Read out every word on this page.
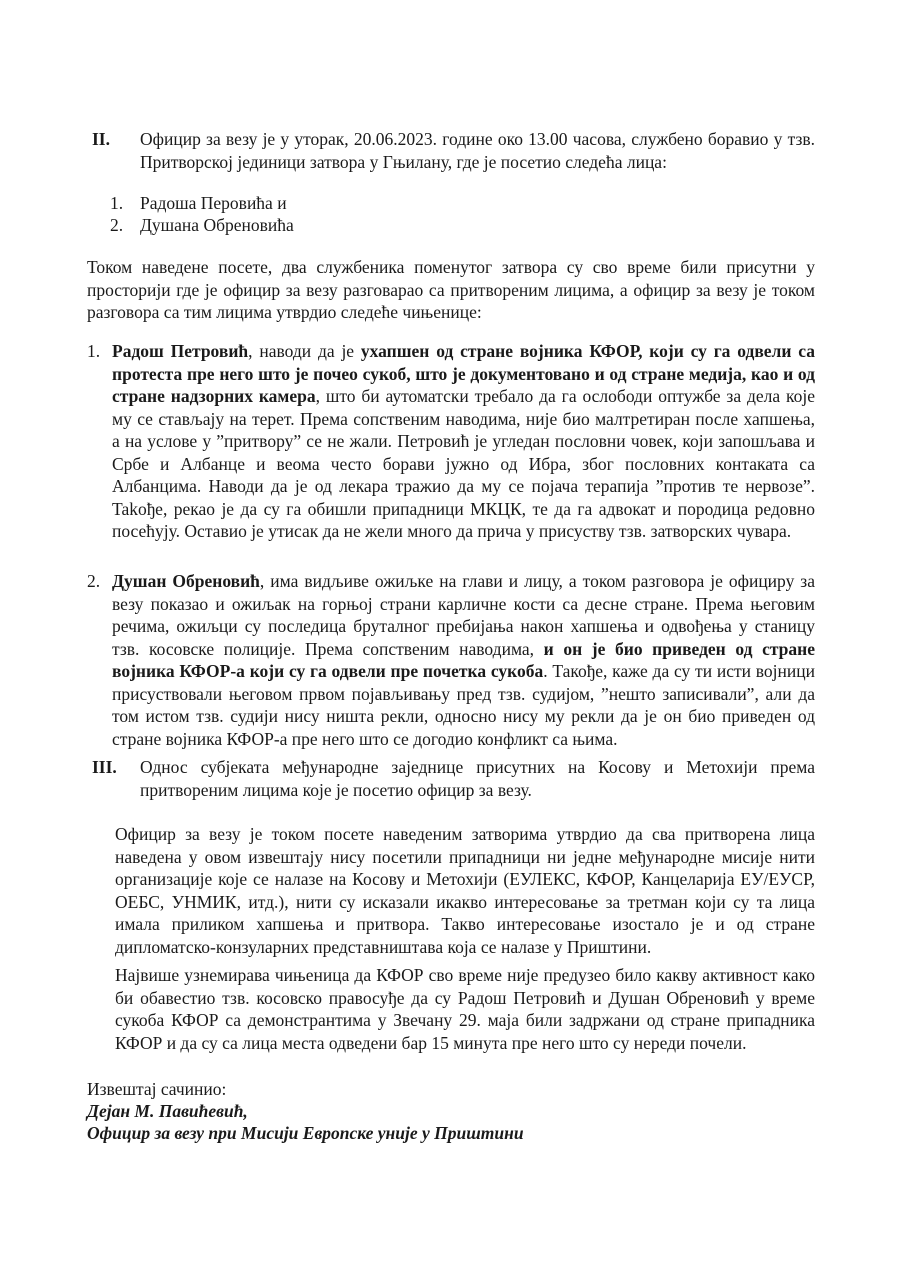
II. Официр за везу је у уторак, 20.06.2023. године око 13.00 часова, службено боравио у тзв. Притворској јединици затвора у Гњилану, где је посетио следећа лица:
1. Радоша Перовића и
2. Душана Обреновића
Током наведене посете, два службеника поменутог затвора су сво време били присутни у просторији где је официр за везу разговарао са притвореним лицима, а официр за везу је током разговора са тим лицима утврдио следеће чињенице:
1. Радош Петровић, наводи да је ухапшен од стране војника КФОР, који су га одвели са протеста пре него што је почео сукоб, што је документовано и од стране медија, као и од стране надзорних камера, што би аутоматски требало да га ослободи оптужбе за дела које му се стављају на терет. Према сопственим наводима, није био малтретиран после хапшења, а на услове у ”притвору” се не жали. Петровић је угледан пословни човек, који запошљава и Србе и Албанце и веома често борави јужно од Ибра, због пословних контаката са Албанцима. Наводи да је од лекара тражио да му се појача терапија ”против те нервозе”. Takoђe, рекао је да су га обишли припадници МКЦК, те да га адвокат и породица редовно посећују. Оставио је утисак да не жели много да прича у присуству тзв. затворских чувара.
2. Душан Обреновић, има видљиве ожиљке на глави и лицу, а током разговора је официру за везу показао и ожиљак на горњој страни карличне кости са десне стране. Према његовим речима, ожиљци су последица бруталног пребијања након хапшења и одвођења у станицу тзв. косовске полиције. Према сопственим наводима, и он је био приведен од стране војника КФОР-а који су га одвели пре почетка сукоба. Такође, каже да су ти исти војници присуствовали његовом првом појављивању пред тзв. судијом, ”нешто записивали”, али да том истом тзв. судији нису ништа рекли, односно нису му рекли да је он био приведен од стране војника КФОР-а пре него што се догодио конфликт са њима.
III. Однос субјеката међународне заједнице присутних на Косову и Метохији према притвореним лицима које је посетио официр за везу.
Официр за везу је током посете наведеним затворима утврдио да сва притворена лица наведена у овом извештају нису посетили припадници ни једне међународне мисије нити организације које се налазе на Косову и Метохији (ЕУЛЕКС, КФОР, Канцеларија ЕУ/ЕУСР, ОЕБС, УНМИК, итд.), нити су исказали икакво интересовање за третман који су та лица имала приликом хапшења и притвора. Такво интересовање изостало је и од стране дипломатско-конзуларних представништава која се налазе у Приштини.
Највише узнемирава чињеница да КФОР сво време није предузео било какву активност како би обавестио тзв. косовско правосуђе да су Радош Петровић и Душан Обреновић у време сукоба КФОР са демонстрантима у Звечану 29. маја били задржани од стране припадника КФОР и да су са лица места одведени бар 15 минута пре него што су нереди почели.
Извештај сачинио:
Дејан М. Павићевић,
Официр за везу при Мисији Европске уније у Приштини
